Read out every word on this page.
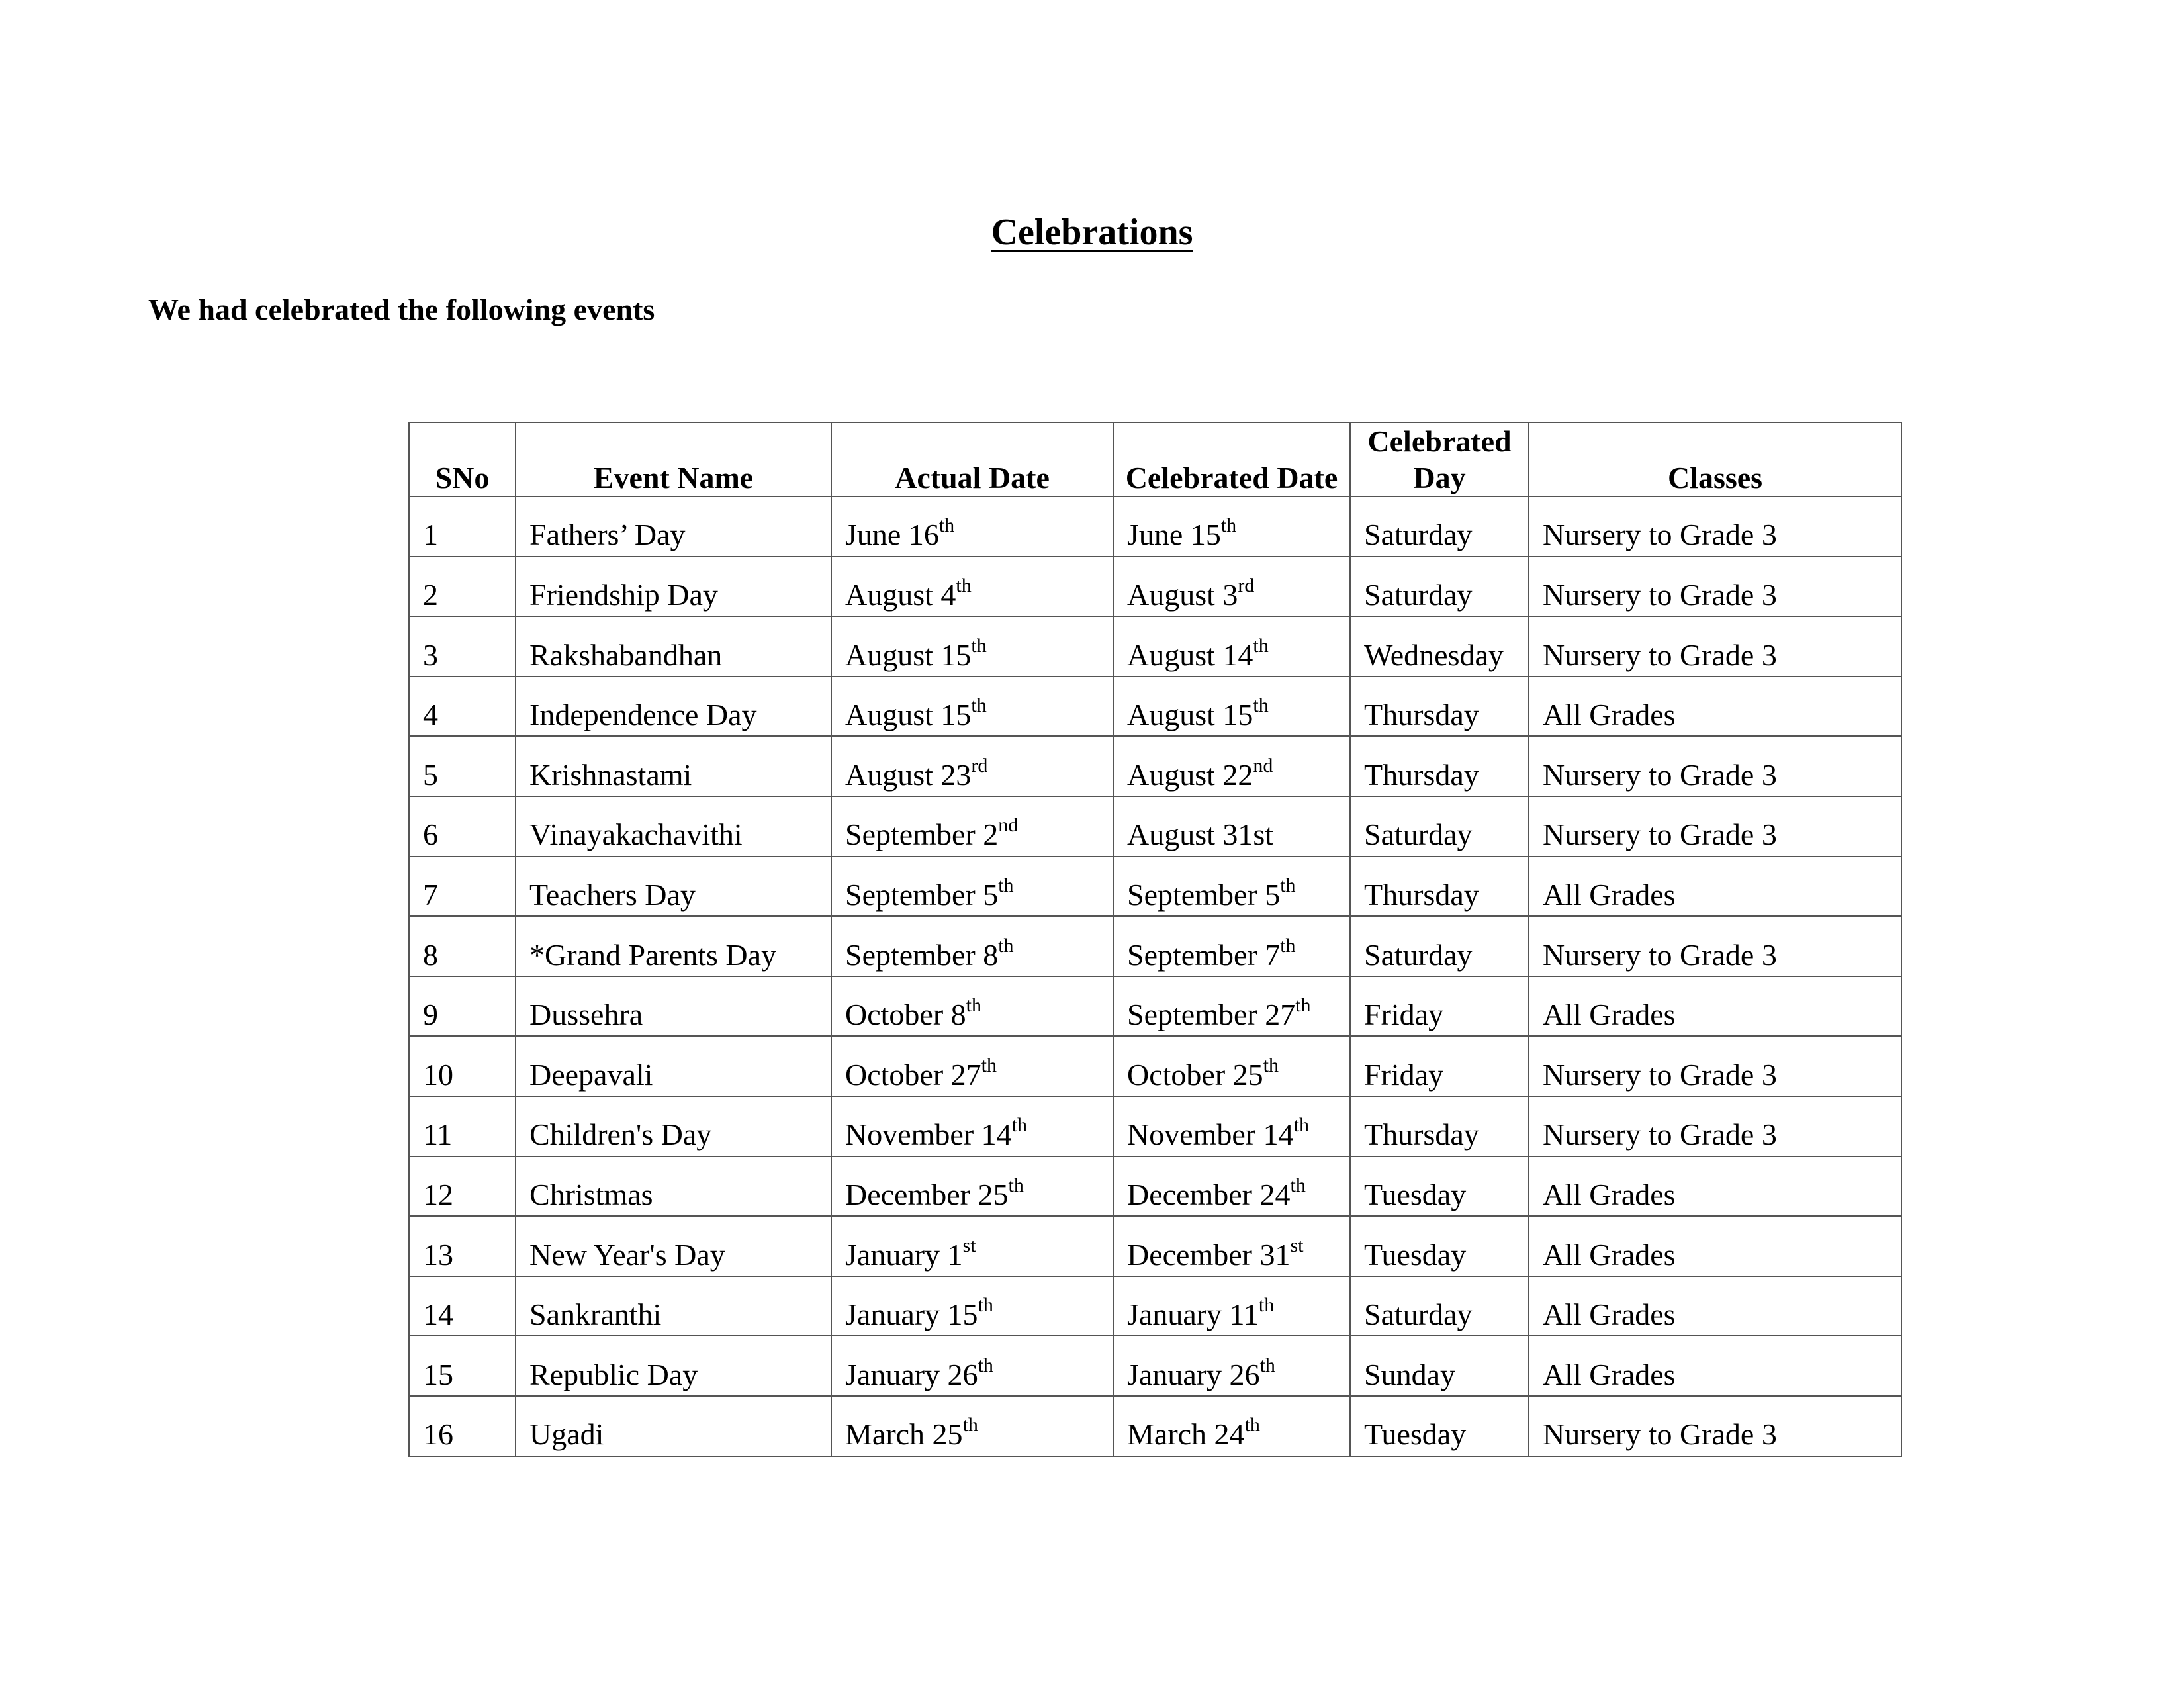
Celebrations

We had celebrated the following events

SNo	Event Name	Actual Date	Celebrated Date	Celebrated Day	Classes
1	Fathers’ Day	June 16th	June 15th	Saturday	Nursery to Grade 3
2	Friendship Day	August 4th	August 3rd	Saturday	Nursery to Grade 3
3	Rakshabandhan	August 15th	August 14th	Wednesday	Nursery to Grade 3
4	Independence Day	August 15th	August 15th	Thursday	All Grades
5	Krishnastami	August 23rd	August 22nd	Thursday	Nursery to Grade 3
6	Vinayakachavithi	September 2nd	August 31st	Saturday	Nursery to Grade 3
7	Teachers Day	September 5th	September 5th	Thursday	All Grades
8	*Grand Parents Day	September 8th	September 7th	Saturday	Nursery to Grade 3
9	Dussehra	October 8th	September 27th	Friday	All Grades
10	Deepavali	October 27th	October 25th	Friday	Nursery to Grade 3
11	Children's Day	November 14th	November 14th	Thursday	Nursery to Grade 3
12	Christmas	December 25th	December 24th	Tuesday	All Grades
13	New Year's Day	January 1st	December 31st	Tuesday	All Grades
14	Sankranthi	January 15th	January 11th	Saturday	All Grades
15	Republic Day	January 26th	January 26th	Sunday	All Grades
16	Ugadi	March 25th	March 24th	Tuesday	Nursery to Grade 3
